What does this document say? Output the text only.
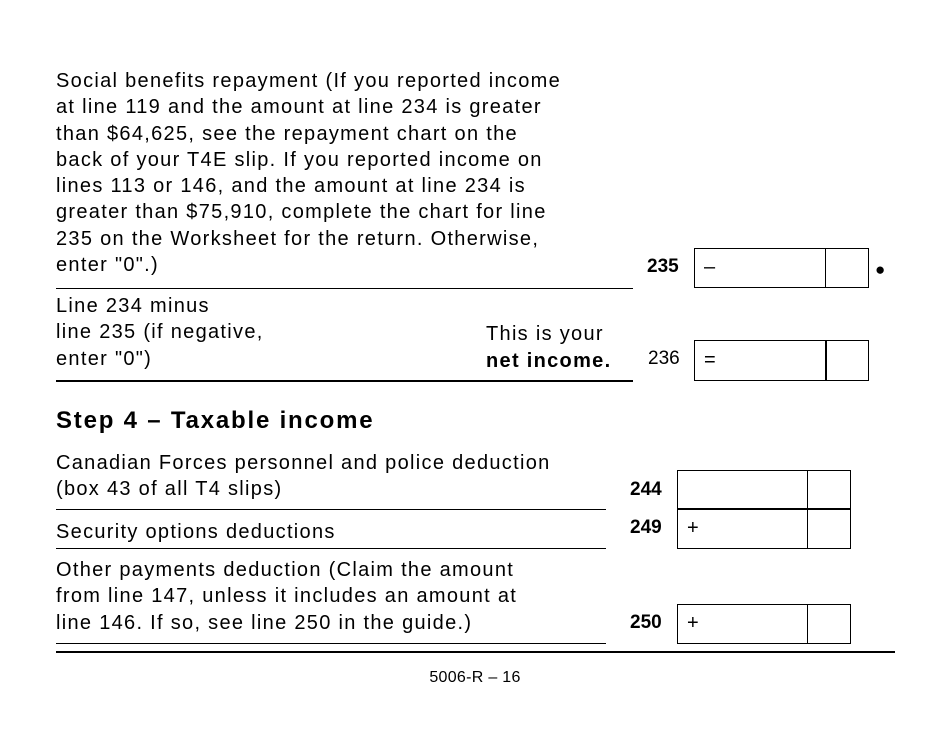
Social benefits repayment (If you reported income
at line 119 and the amount at line 234 is greater
than $64,625, see the repayment chart on the
back of your T4E slip. If you reported income on
lines 113 or 146, and the amount at line 234 is
greater than $75,910, complete the chart for line
235 on the Worksheet for the return. Otherwise,
enter "0".)	235 –	●
Line 234 minus
line 235 (if negative,
enter "0")
This is your
net income. 236 =
Step 4 – Taxable income
Canadian Forces personnel and police deduction
(box 43 of all T4 slips)	244
Security options deductions	249 +
Other payments deduction (Claim the amount
from line 147, unless it includes an amount at
line 146. If so, see line 250 in the guide.)	250 +
5006-R – 16
